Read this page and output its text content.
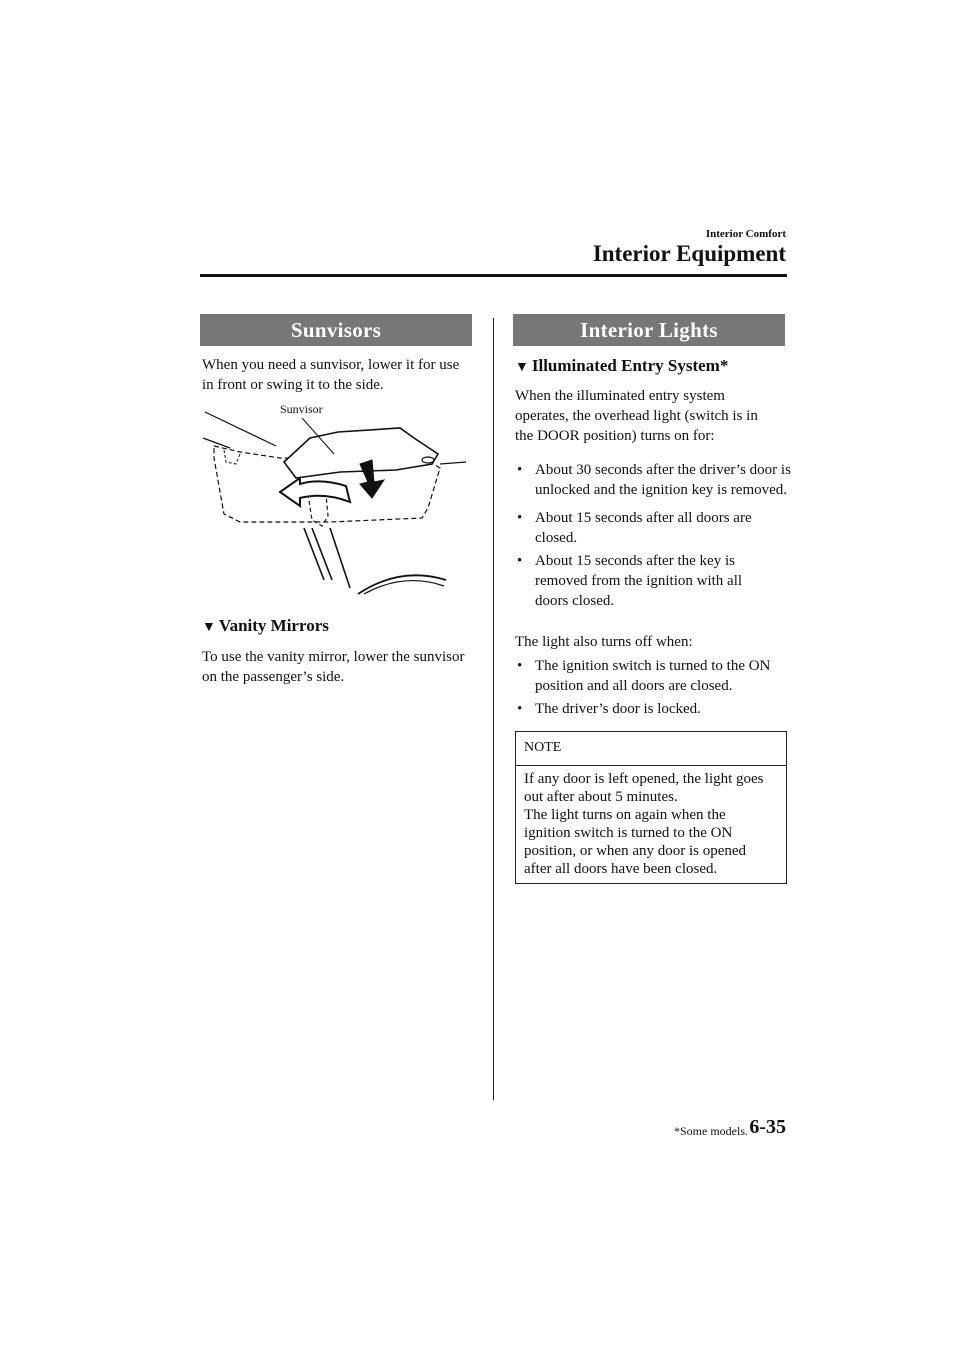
Interior Comfort
Interior Equipment
Sunvisors
When you need a sunvisor, lower it for use in front or swing it to the side.
Sunvisor
▼ Vanity Mirrors
To use the vanity mirror, lower the sunvisor on the passenger’s side.
Interior Lights
▼ Illuminated Entry System*
When the illuminated entry system operates, the overhead light (switch is in the DOOR position) turns on for:
• About 30 seconds after the driver’s door is unlocked and the ignition key is removed.
• About 15 seconds after all doors are closed.
• About 15 seconds after the key is removed from the ignition with all doors closed.
The light also turns off when:
• The ignition switch is turned to the ON position and all doors are closed.
• The driver’s door is locked.
NOTE
If any door is left opened, the light goes out after about 5 minutes.
The light turns on again when the ignition switch is turned to the ON position, or when any door is opened after all doors have been closed.
*Some models. 6-35
